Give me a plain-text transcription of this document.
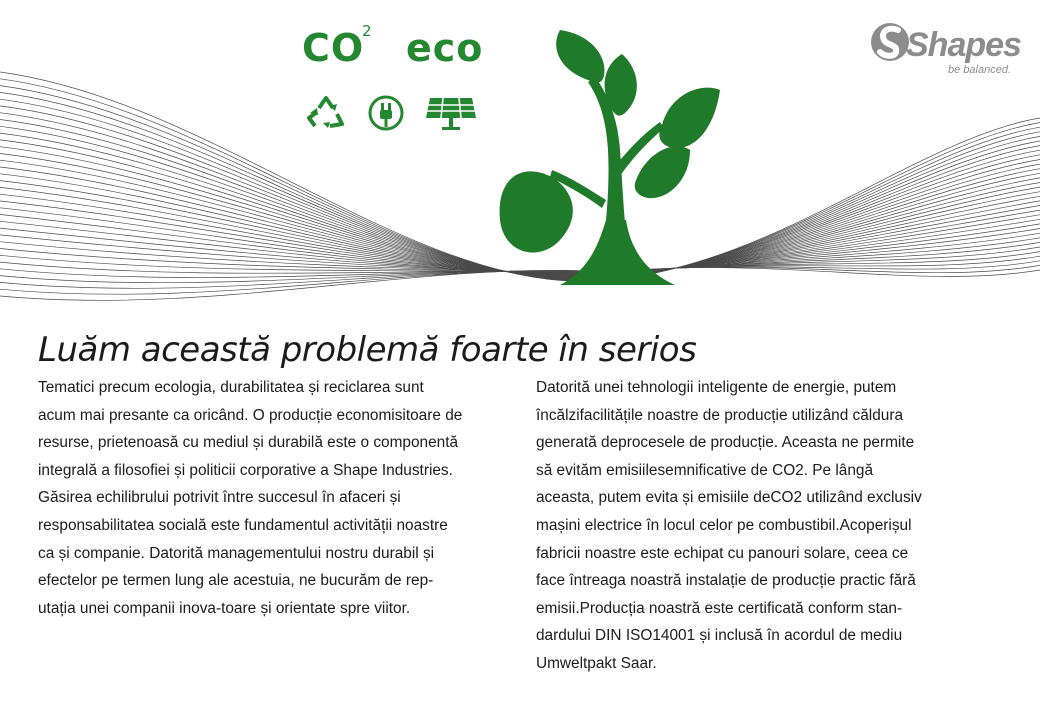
CO
2 eco	Shapes
be balanced.
Luăm această problemă foarte în serios
Tematici precum ecologia, durabilitatea și reciclarea sunt
acum mai presante ca oricând. O producție economisitoare de
resurse, prietenoasă cu mediul și durabilă este o componentă
integrală a filosofiei și politicii corporative a Shape Industries.
Găsirea echilibrului potrivit între succesul în afaceri și
responsabilitatea socială este fundamentul activității noastre
ca și companie. Datorită managementului nostru durabil și
efectelor pe termen lung ale acestuia, ne bucurăm de rep-
utația unei companii inova-toare și orientate spre viitor.
Datorită unei tehnologii inteligente de energie, putem
încălzifacilitățile noastre de producție utilizând căldura
generată deprocesele de producție. Aceasta ne permite
să evităm emisiilesemnificative de CO2. Pe lângă
aceasta, putem evita și emisiile deCO2 utilizând exclusiv
mașini electrice în locul celor pe combustibil.Acoperișul
fabricii noastre este echipat cu panouri solare, ceea ce
face întreaga noastră instalație de producție practic fără
emisii.Producția noastră este certificată conform stan-
dardului DIN ISO14001 și inclusă în acordul de mediu
Umweltpakt Saar.
